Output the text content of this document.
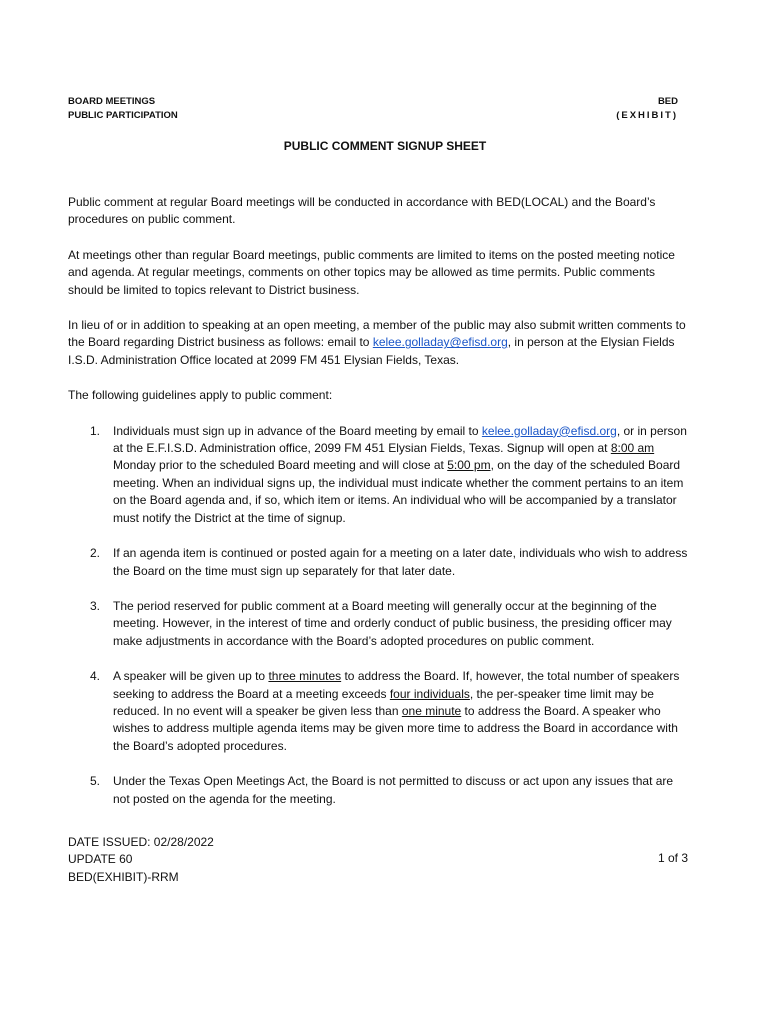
BOARD MEETINGS
PUBLIC PARTICIPATION
BED
(EXHIBIT)
PUBLIC COMMENT SIGNUP SHEET

Public comment at regular Board meetings will be conducted in accordance with BED(LOCAL) and the Board’s procedures on public comment.

At meetings other than regular Board meetings, public comments are limited to items on the posted meeting notice and agenda. At regular meetings, comments on other topics may be allowed as time permits. Public comments should be limited to topics relevant to District business.

In lieu of or in addition to speaking at an open meeting, a member of the public may also submit written comments to the Board regarding District business as follows: email to kelee.golladay@efisd.org, in person at the Elysian Fields I.S.D. Administration Office located at 2099 FM 451 Elysian Fields, Texas.

The following guidelines apply to public comment:

1. Individuals must sign up in advance of the Board meeting by email to kelee.golladay@efisd.org, or in person at the E.F.I.S.D. Administration office, 2099 FM 451 Elysian Fields, Texas. Signup will open at 8:00 am Monday prior to the scheduled Board meeting and will close at 5:00 pm, on the day of the scheduled Board meeting. When an individual signs up, the individual must indicate whether the comment pertains to an item on the Board agenda and, if so, which item or items. An individual who will be accompanied by a translator must notify the District at the time of signup.
2. If an agenda item is continued or posted again for a meeting on a later date, individuals who wish to address the Board on the time must sign up separately for that later date.
3. The period reserved for public comment at a Board meeting will generally occur at the beginning of the meeting. However, in the interest of time and orderly conduct of public business, the presiding officer may make adjustments in accordance with the Board’s adopted procedures on public comment.
4. A speaker will be given up to three minutes to address the Board. If, however, the total number of speakers seeking to address the Board at a meeting exceeds four individuals, the per-speaker time limit may be reduced. In no event will a speaker be given less than one minute to address the Board. A speaker who wishes to address multiple agenda items may be given more time to address the Board in accordance with the Board’s adopted procedures.
5. Under the Texas Open Meetings Act, the Board is not permitted to discuss or act upon any issues that are not posted on the agenda for the meeting.
DATE ISSUED: 02/28/2022
UPDATE 60
BED(EXHIBIT)-RRM
1 of 3
